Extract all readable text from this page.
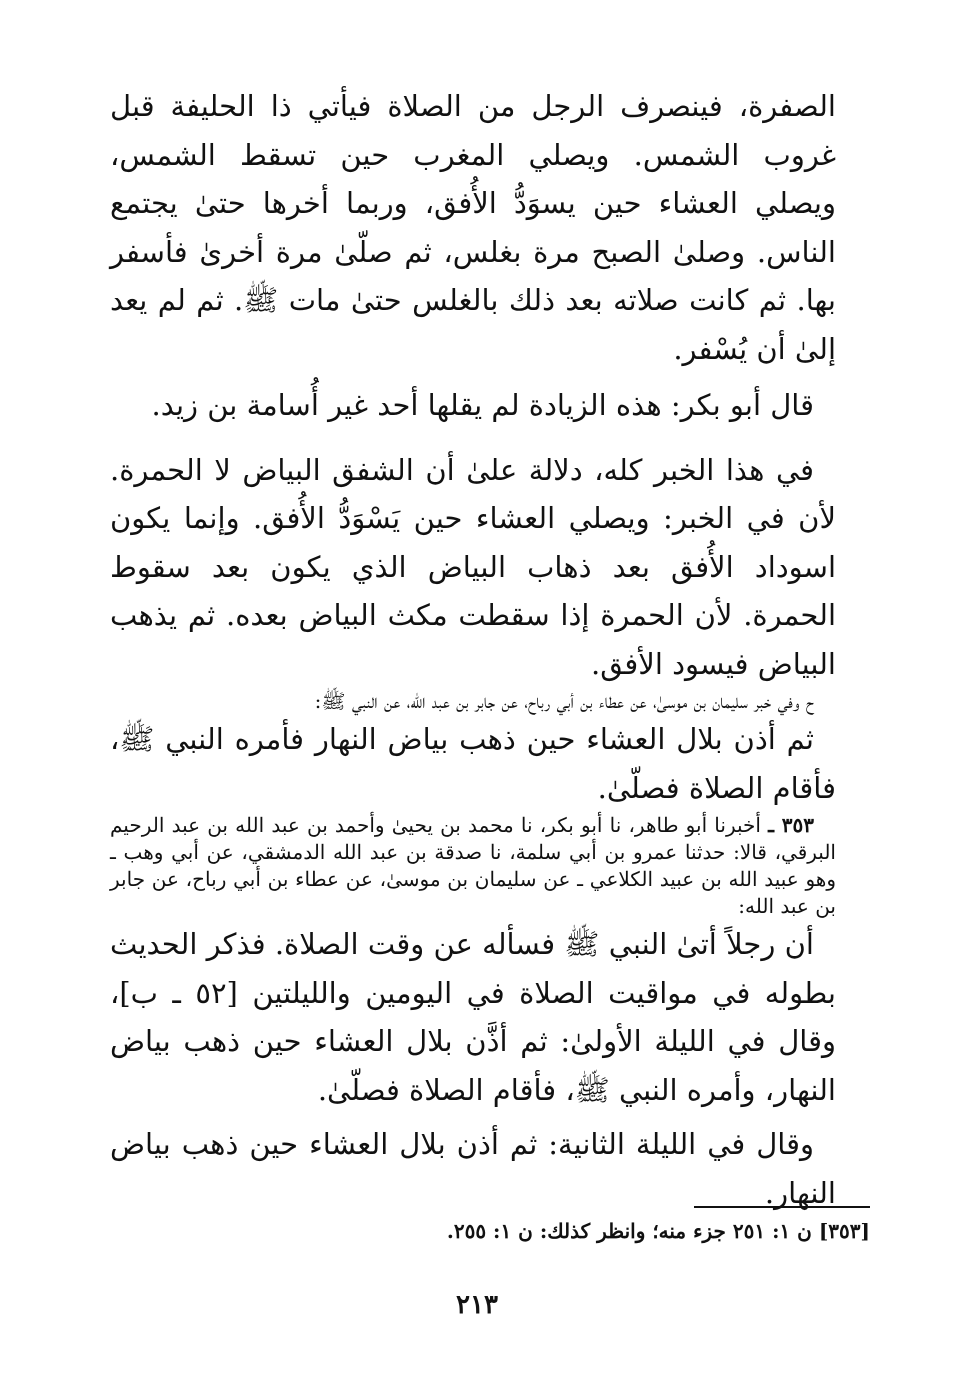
الصفرة، فينصرف الرجل من الصلاة فيأتي ذا الحليفة قبل غروب الشمس. ويصلي المغرب حين تسقط الشمس، ويصلي العشاء حين يسوَدُّ الأُفق، وربما أخرها حتىٰ يجتمع الناس. وصلىٰ الصبح مرة بغلس، ثم صلّىٰ مرة أخرىٰ فأسفر بها. ثم كانت صلاته بعد ذلك بالغلس حتىٰ مات ﷺ. ثم لم يعد إلىٰ أن يُسْفر.

قال أبو بكر: هذه الزيادة لم يقلها أحد غير أُسامة بن زيد.

في هذا الخبر كله، دلالة علىٰ أن الشفق البياض لا الحمرة. لأن في الخبر: ويصلي العشاء حين يَسْوَدُّ الأُفق. وإنما يكون اسوداد الأُفق بعد ذهاب البياض الذي يكون بعد سقوط الحمرة. لأن الحمرة إذا سقطت مكث البياض بعده. ثم يذهب البياض فيسود الأفق.

ح وفي خبر سليمان بن موسىٰ، عن عطاء بن أبي رباح، عن جابر بن عبد الله، عن النبي ﷺ:

ثم أذن بلال العشاء حين ذهب بياض النهار فأمره النبي ﷺ، فأقام الصلاة فصلّىٰ.

٣٥٣ ـ أخبرنا أبو طاهر، نا أبو بكر، نا محمد بن يحيىٰ وأحمد بن عبد الله بن عبد الرحيم البرقي، قالا: حدثنا عمرو بن أبي سلمة، نا صدقة بن عبد الله الدمشقي، عن أبي وهب ـ وهو عبيد الله بن عبيد الكلاعي ـ عن سليمان بن موسىٰ، عن عطاء بن أبي رباح، عن جابر بن عبد الله:

أن رجلاً أتىٰ النبي ﷺ فسأله عن وقت الصلاة. فذكر الحديث بطوله في مواقيت الصلاة في اليومين والليلتين [٥٢ ـ ب]، وقال في الليلة الأولىٰ: ثم أذَّن بلال العشاء حين ذهب بياض النهار، وأمره النبي ﷺ، فأقام الصلاة فصلّىٰ.

وقال في الليلة الثانية: ثم أذن بلال العشاء حين ذهب بياض النهار.

[٣٥٣] ن ١: ٢٥١ جزء منه؛ وانظر كذلك: ن ١: ٢٥٥.

٢١٣
